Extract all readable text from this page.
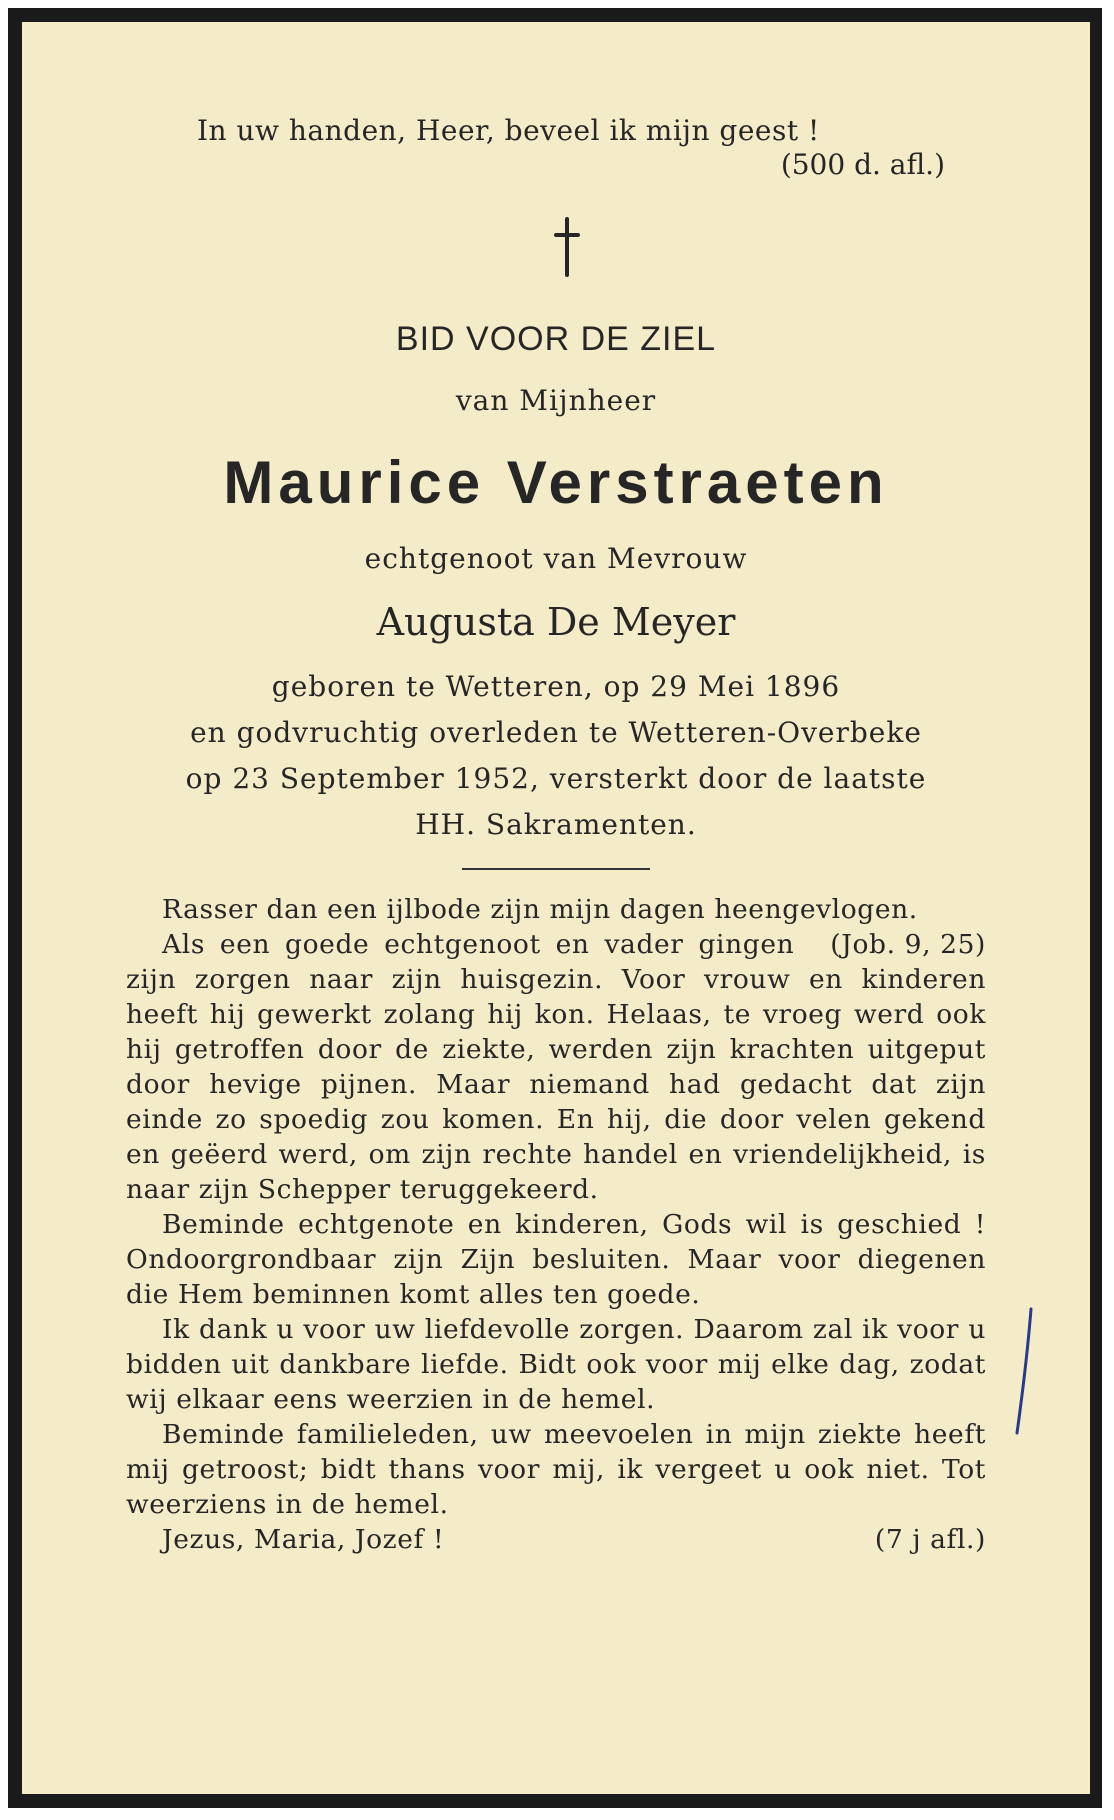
In uw handen, Heer, beveel ik mijn geest !
(500 d. afl.)
BID VOOR DE ZIEL
van Mijnheer
Maurice Verstraeten
echtgenoot van Mevrouw
Augusta De Meyer
geboren te Wetteren, op 29 Mei 1896
en godvruchtig overleden te Wetteren-Overbeke
op 23 September 1952, versterkt door de laatste
HH. Sakramenten.

Rasser dan een ijlbode zijn mijn dagen heengevlogen.
(Job. 9, 25)

Als een goede echtgenoot en vader gingen zijn zorgen naar zijn huisgezin. Voor vrouw en kinderen heeft hij gewerkt zolang hij kon. Helaas, te vroeg werd ook hij getroffen door de ziekte, werden zijn krachten uitgeput door hevige pijnen. Maar niemand had gedacht dat zijn einde zo spoedig zou komen. En hij, die door velen gekend en geëerd werd, om zijn rechte handel en vriendelijkheid, is naar zijn Schepper teruggekeerd.

Beminde echtgenote en kinderen, Gods wil is geschied ! Ondoorgrondbaar zijn Zijn besluiten. Maar voor diegenen die Hem beminnen komt alles ten goede.

Ik dank u voor uw liefdevolle zorgen. Daarom zal ik voor u bidden uit dankbare liefde. Bidt ook voor mij elke dag, zodat wij elkaar eens weerzien in de hemel.

Beminde familieleden, uw meevoelen in mijn ziekte heeft mij getroost; bidt thans voor mij, ik vergeet u ook niet. Tot weerziens in de hemel.

Jezus, Maria, Jozef !	(7 j afl.)
